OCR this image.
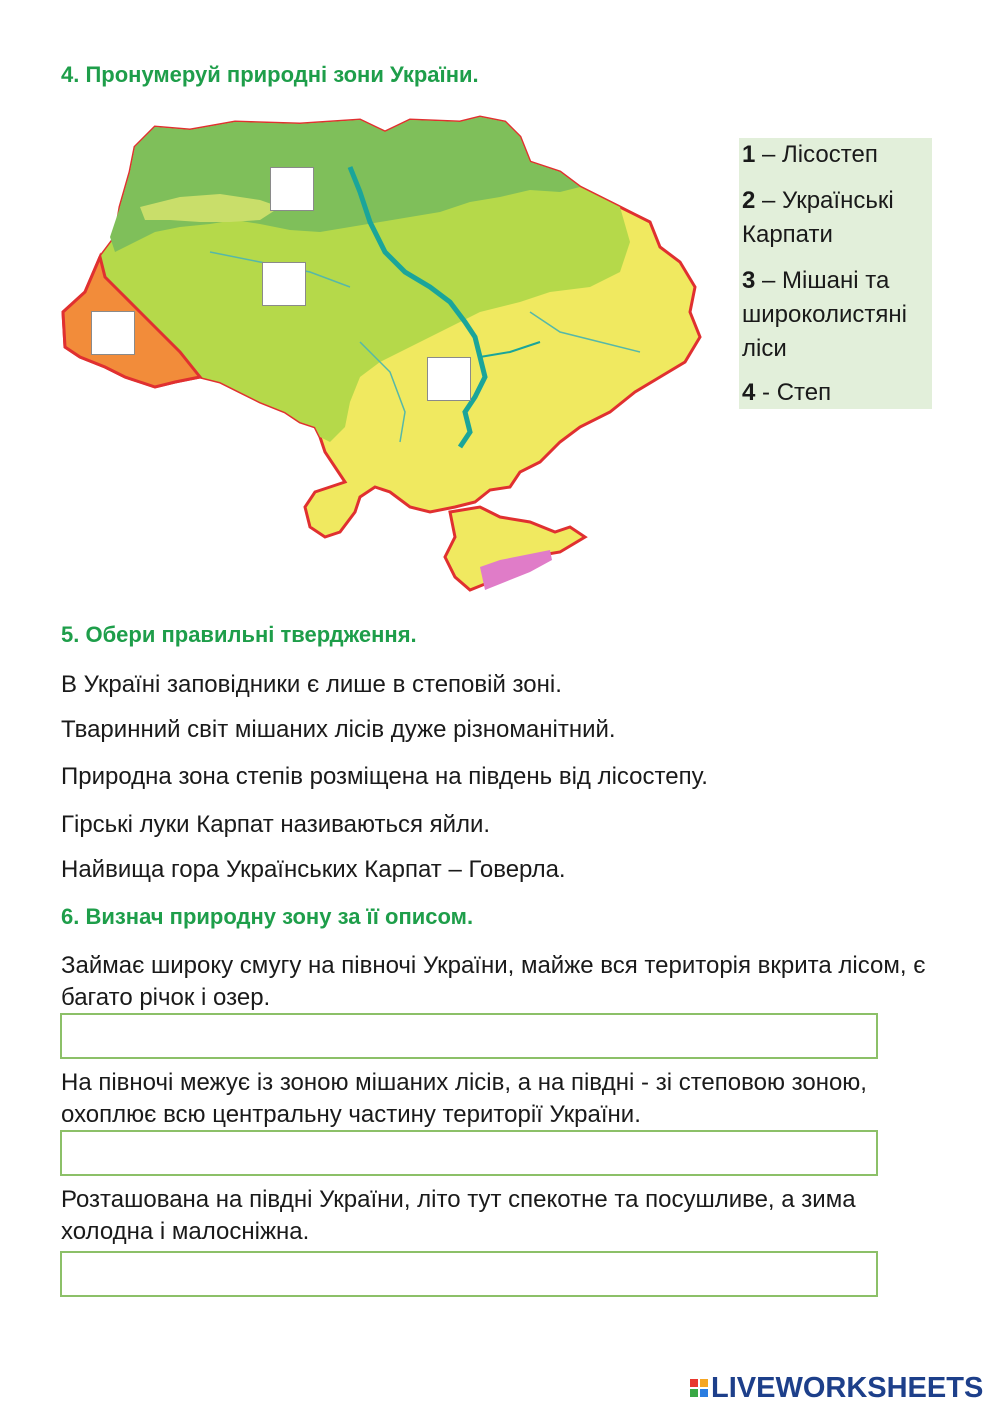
4. Пронумеруй природні зони України.

1 – Лісостеп

2 – Українські Карпати

3 – Мішані та широколистяні ліси

4 - Степ

5. Обери правильні твердження.

В Україні заповідники є лише в степовій зоні.

Тваринний світ мішаних лісів дуже різноманітний.

Природна зона степів розміщена на південь від лісостепу.

Гірські луки Карпат називаються яйли.

Найвища гора Українських Карпат – Говерла.

6. Визнач природну зону за її описом.

Займає широку смугу на півночі України, майже вся територія вкрита лісом, є багато річок і озер.

На півночі межує із зоною мішаних лісів, а на півдні - зі степовою зоною, охоплює всю центральну частину території України.

Розташована на півдні України, літо тут спекотне та посушливе, а зима холодна і малосніжна.

LIVEWORKSHEETS
